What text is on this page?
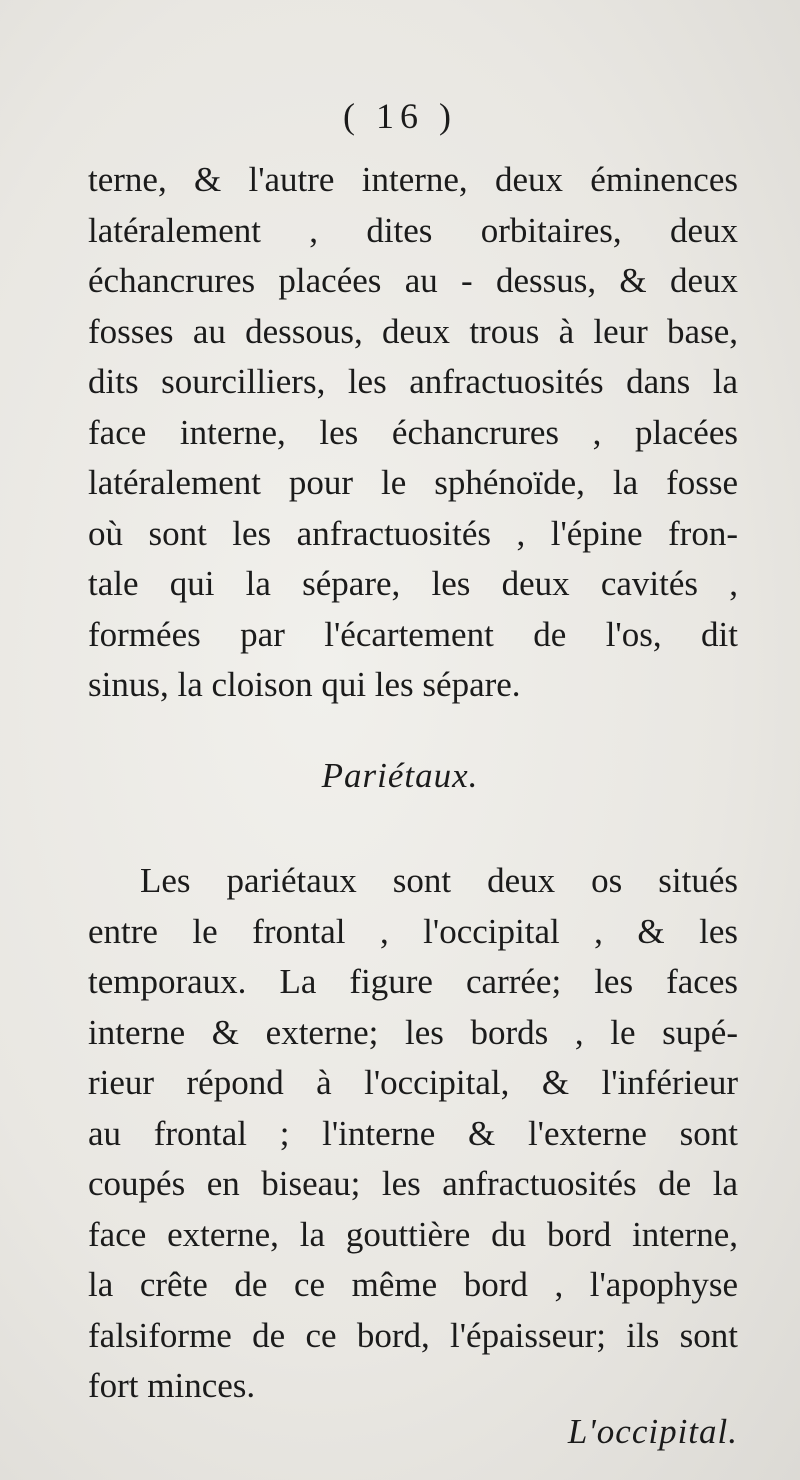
( 16 )
terne, & l'autre interne, deux éminences
latéralement , dites orbitaires, deux
échancrures placées au - dessus, & deux
fosses au dessous, deux trous à leur base,
dits sourcilliers, les anfractuosités dans la
face interne, les échancrures , placées
latéralement pour le sphénoïde, la fosse
où sont les anfractuosités , l'épine fron-
tale qui la sépare, les deux cavités ,
formées par l'écartement de l'os, dit
sinus, la cloison qui les sépare.
Pariétaux.
Les pariétaux sont deux os situés
entre le frontal , l'occipital , & les
temporaux. La figure carrée; les faces
interne & externe; les bords , le supé-
rieur répond à l'occipital, & l'inférieur
au frontal ; l'interne & l'externe sont
coupés en biseau; les anfractuosités de la
face externe, la gouttière du bord interne,
la crête de ce même bord , l'apophyse
falsiforme de ce bord, l'épaisseur; ils sont
fort minces.
L'occipital.
